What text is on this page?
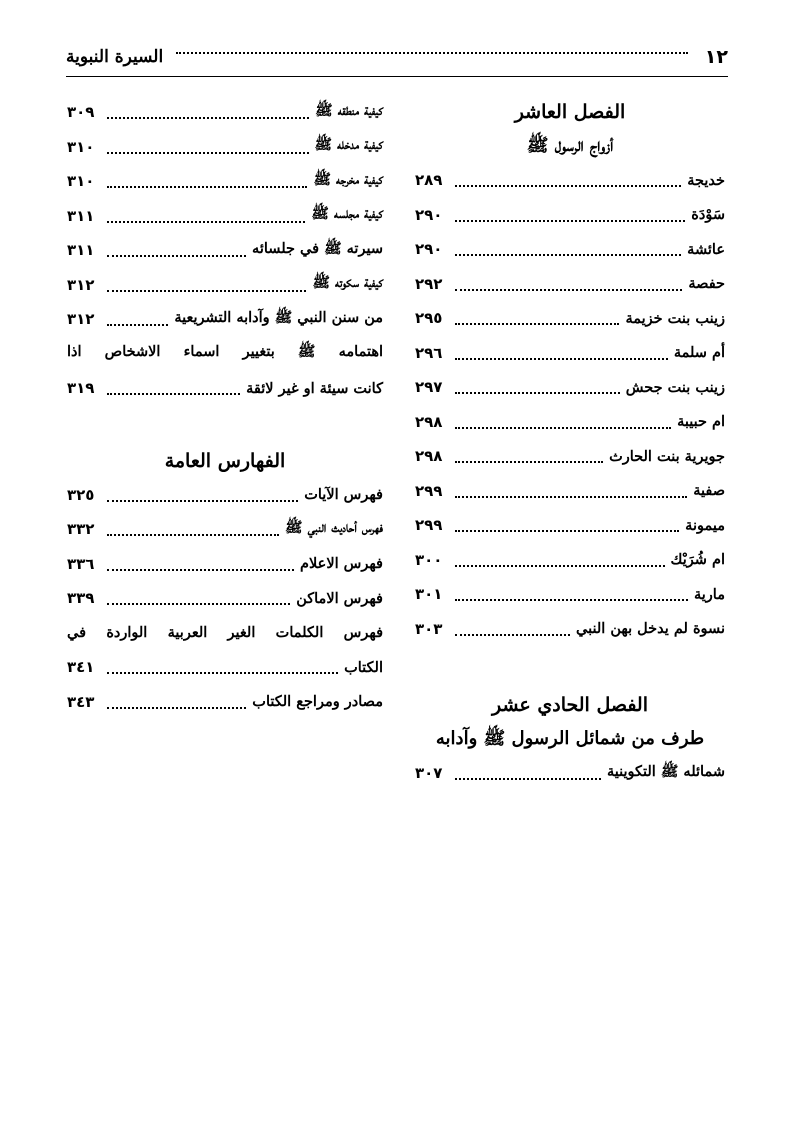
١٢
السيرة النبوية
الفصل العاشر
أزواج الرسول ﷺ
خديجة
٢٨٩
سَوْدَة
٢٩٠
عائشة
٢٩٠
حفصة
٢٩٢
زينب بنت خزيمة
٢٩٥
أم سلمة
٢٩٦
زينب بنت جحش
٢٩٧
ام حبيبة
٢٩٨
جويرية بنت الحارث
٢٩٨
صفية
٢٩٩
ميمونة
٢٩٩
ام شُرَيْك
٣٠٠
مارية
٣٠١
نسوة لم يدخل بهن النبي
٣٠٣
الفصل الحادي عشر
طرف من شمائل الرسول ﷺ وآدابه
شمائله ﷺ التكوينية
٣٠٧
كيفية منطقه ﷺ
٣٠٩
كيفية مدخله ﷺ
٣١٠
كيفية مخرجه ﷺ
٣١٠
كيفية مجلسه ﷺ
٣١١
سيرته ﷺ في جلسائه
٣١١
كيفية سكوته ﷺ
٣١٢
من سنن النبي ﷺ وآدابه التشريعية
٣١٢
اهتمامه ﷺ بتغيير اسماء الاشخاص اذا
كانت سيئة او غير لائقة
٣١٩
الفهارس العامة
فهرس الآيات
٣٢٥
فهرس أحاديث النبي ﷺ
٣٣٢
فهرس الاعلام
٣٣٦
فهرس الاماكن
٣٣٩
فهرس الكلمات الغير العربية الواردة في
الكتاب
٣٤١
مصادر ومراجع الكتاب
٣٤٣
